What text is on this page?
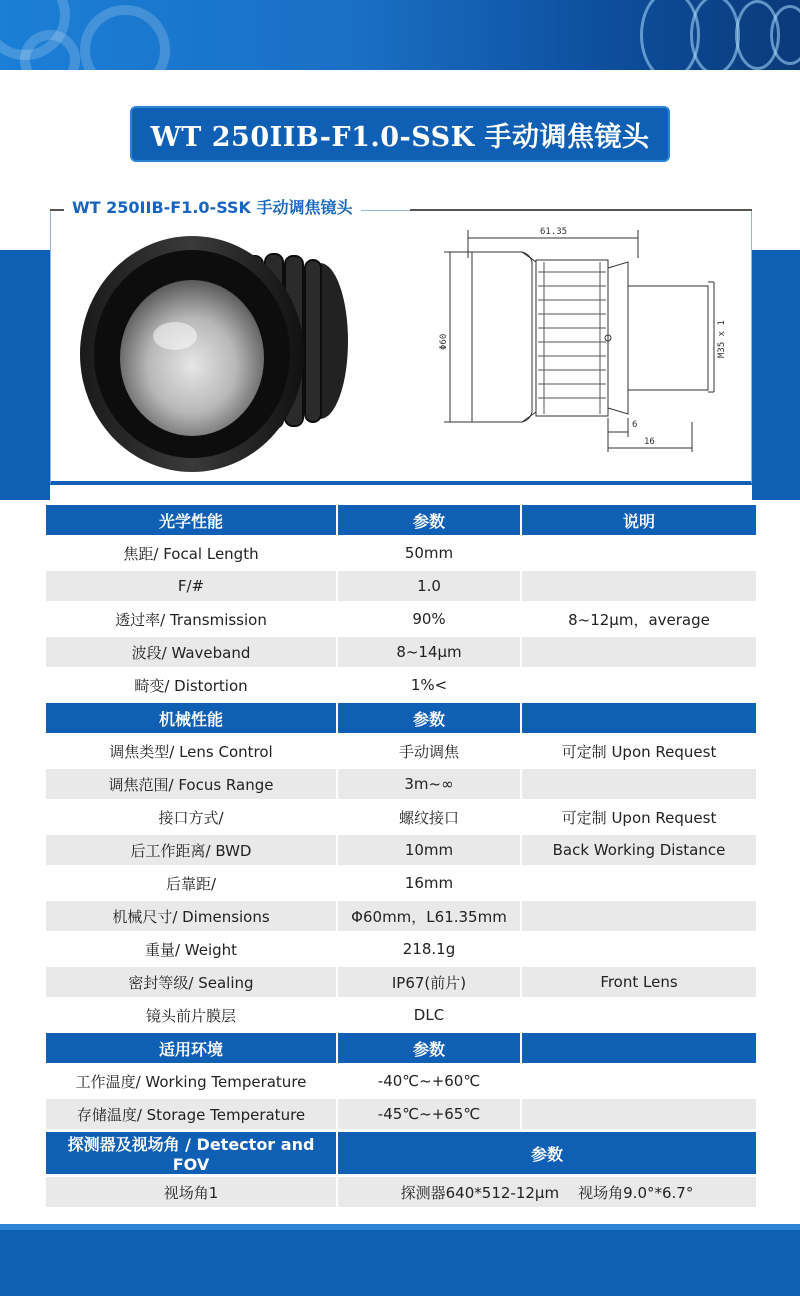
WT 250IIB-F1.0-SSK 手动调焦镜头
WT 250IIB-F1.0-SSK 手动调焦镜头
61.35
Φ60	M35 x 1
6
16
光学性能	参数	说明
焦距/ Focal Length	50mm	
F/#	1.0	
透过率/ Transmission	90%	8~12μm，average
波段/ Waveband	8~14μm	
畸变/ Distortion	1%<	
机械性能	参数	
调焦类型/ Lens Control	手动调焦	可定制 Upon Request
调焦范围/ Focus Range	3m~∞	
接口方式/	螺纹接口	可定制 Upon Request
后工作距离/ BWD	10mm	Back Working Distance
后靠距/	16mm	
机械尺寸/ Dimensions	Φ60mm，L61.35mm	
重量/ Weight	218.1g	
密封等级/ Sealing	IP67(前片)	Front Lens
镜头前片膜层	DLC	
适用环境	参数	
工作温度/ Working Temperature	-40℃~+60℃	
存储温度/ Storage Temperature	-45℃~+65℃	
探测器及视场角 / Detector and FOV	参数	
视场角1	探测器640*512-12μm    视场角9.0°*6.7°	
